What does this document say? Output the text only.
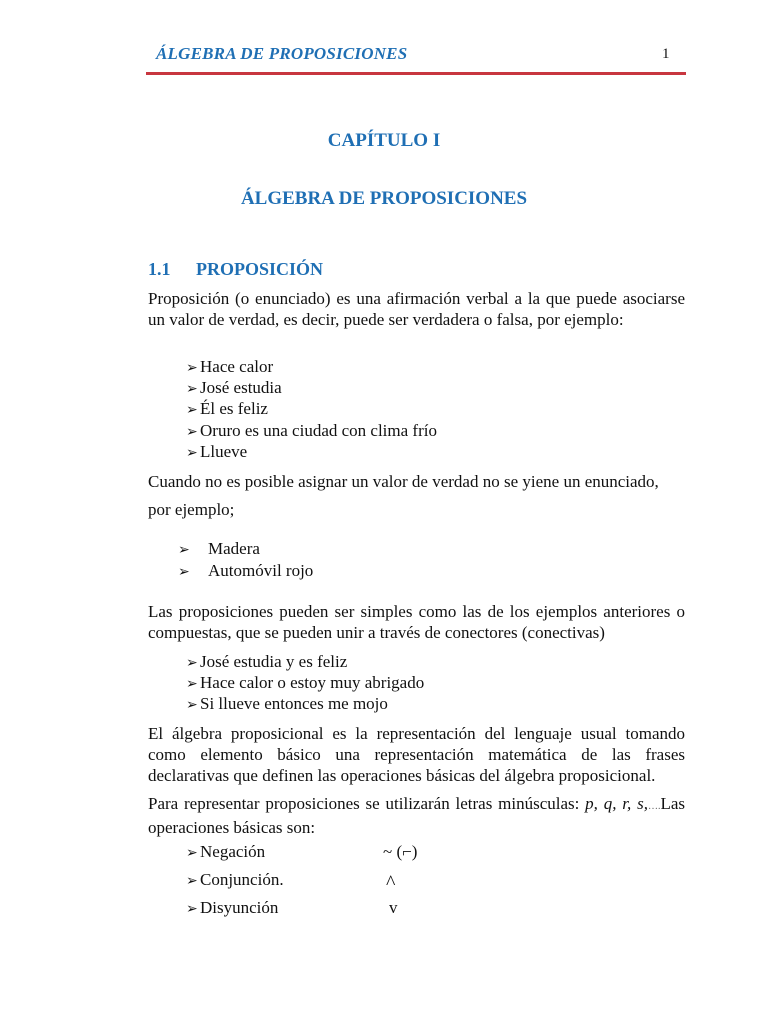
ÁLGEBRA DE PROPOSICIONES	1
CAPÍTULO I
ÁLGEBRA DE PROPOSICIONES
1.1 PROPOSICIÓN
Proposición (o enunciado) es una afirmación verbal a la que puede asociarse un valor de verdad, es decir, puede ser verdadera o falsa, por ejemplo:
➢ Hace calor
➢ José estudia
➢ Él es feliz
➢ Oruro es una ciudad con clima frío
➢ Llueve
Cuando no es posible asignar un valor de verdad no se yiene un enunciado,
por ejemplo;
➢ Madera
➢ Automóvil rojo
Las proposiciones pueden ser simples como las de los ejemplos anteriores o compuestas, que se pueden unir a través de conectores (conectivas)
➢ José estudia y es feliz
➢ Hace calor o estoy muy abrigado
➢ Si llueve entonces me mojo
El álgebra proposicional es la representación del lenguaje usual tomando como elemento básico una representación matemática de las frases declarativas que definen las operaciones básicas del álgebra proposicional.
Para representar proposiciones se utilizarán letras minúsculas: p, q, r, s,….Las operaciones básicas son:
➢ Negación	~ (⌐)
➢ Conjunción.	^
➢ Disyunción	v
